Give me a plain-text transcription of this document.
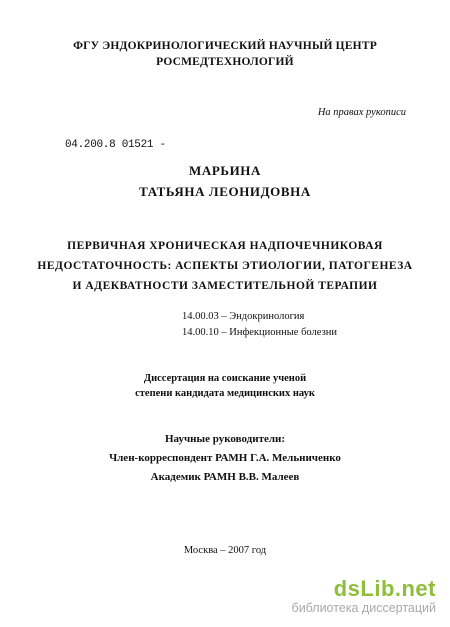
ФГУ ЭНДОКРИНОЛОГИЧЕСКИЙ НАУЧНЫЙ ЦЕНТР
РОСМЕДТЕХНОЛОГИЙ
На правах рукописи
04.200.8 01521 -
МАРЬИНА
ТАТЬЯНА ЛЕОНИДОВНА
ПЕРВИЧНАЯ ХРОНИЧЕСКАЯ НАДПОЧЕЧНИКОВАЯ
НЕДОСТАТОЧНОСТЬ: АСПЕКТЫ ЭТИОЛОГИИ, ПАТОГЕНЕЗА
И АДЕКВАТНОСТИ ЗАМЕСТИТЕЛЬНОЙ ТЕРАПИИ
14.00.03 – Эндокринология
14.00.10 – Инфекционные болезни
Диссертация на соискание ученой
степени кандидата медицинских наук
Научные руководители:
Член-корреспондент РАМН Г.А. Мельниченко
Академик РАМН В.В. Малеев
Москва – 2007 год
dsLib.net
библиотека диссертаций
